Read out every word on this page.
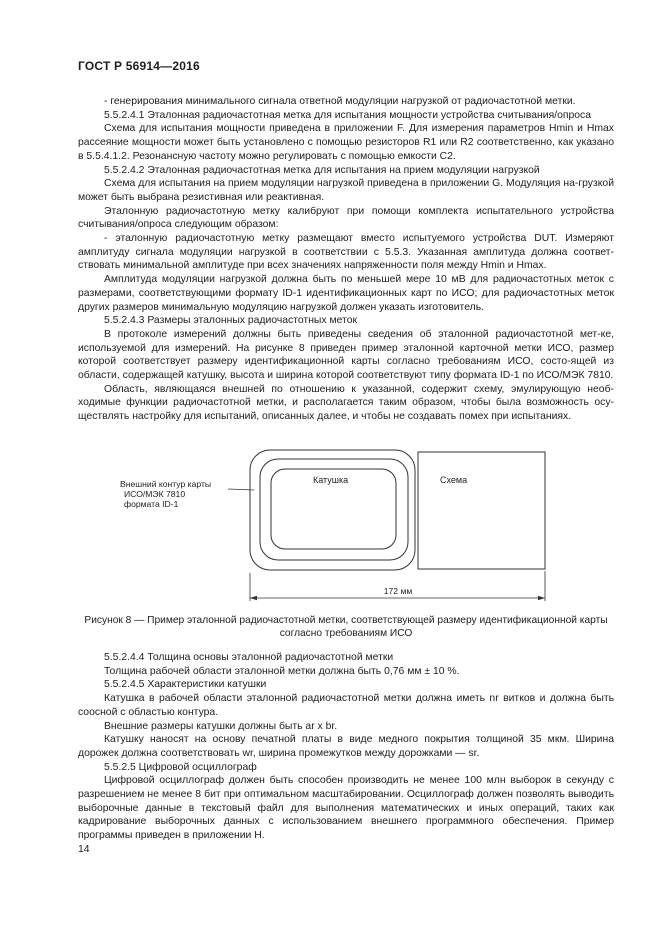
ГОСТ Р 56914—2016

- генерирования минимального сигнала ответной модуляции нагрузкой от радиочастотной метки.

5.5.2.4.1 Эталонная радиочастотная метка для испытания мощности устройства считывания/опроса

Схема для испытания мощности приведена в приложении F. Для измерения параметров Hmin и Hmax рассеяние мощности может быть установлено с помощью резисторов R1 или R2 соответственно, как указано в 5.5.4.1.2. Резонансную частоту можно регулировать с помощью емкости C2.

5.5.2.4.2 Эталонная радиочастотная метка для испытания на прием модуляции нагрузкой

Схема для испытания на прием модуляции нагрузкой приведена в приложении G. Модуляция на-грузкой может быть выбрана резистивная или реактивная.

Эталонную радиочастотную метку калибруют при помощи комплекта испытательного устройства считывания/опроса следующим образом:

- эталонную радиочастотную метку размещают вместо испытуемого устройства DUT. Измеряют амплитуду сигнала модуляции нагрузкой в соответствии с 5.5.3. Указанная амплитуда должна соответ-ствовать минимальной амплитуде при всех значениях напряженности поля между Hmin и Hmax.

Амплитуда модуляции нагрузкой должна быть по меньшей мере 10 мВ для радиочастотных меток с размерами, соответствующими формату ID-1 идентификационных карт по ИСО; для радиочастотных меток других размеров минимальную модуляцию нагрузкой должен указать изготовитель.

5.5.2.4.3 Размеры эталонных радиочастотных меток

В протоколе измерений должны быть приведены сведения об эталонной радиочастотной мет-ке, используемой для измерений. На рисунке 8 приведен пример эталонной карточной метки ИСО, размер которой соответствует размеру идентификационной карты согласно требованиям ИСО, состо-ящей из области, содержащей катушку, высота и ширина которой соответствуют типу формата ID-1 по ИСО/МЭК 7810.

Область, являющаяся внешней по отношению к указанной, содержит схему, эмулирующую необ-ходимые функции радиочастотной метки, и располагается таким образом, чтобы была возможность осу-ществлять настройку для испытаний, описанных далее, и чтобы не создавать помех при испытаниях.

Внешний контур карты
ИСО/МЭК 7810
формата ID-1
Катушка	Схема
172 мм
Рисунок 8 — Пример эталонной радиочастотной метки, соответствующей размеру идентификационной карты
согласно требованиям ИСО

5.5.2.4.4 Толщина основы эталонной радиочастотной метки

Толщина рабочей области эталонной метки должна быть 0,76 мм ± 10 %.

5.5.2.4.5 Характеристики катушки

Катушка в рабочей области эталонной радиочастотной метки должна иметь nr витков и должна быть соосной с областью контура.

Внешние размеры катушки должны быть ar x br.

Катушку наносят на основу печатной платы в виде медного покрытия толщиной 35 мкм. Ширина дорожек должна соответствовать wr, ширина промежутков между дорожками — sr.

5.5.2.5 Цифровой осциллограф

Цифровой осциллограф должен быть способен производить не менее 100 млн выборок в секунду с разрешением не менее 8 бит при оптимальном масштабировании. Осциллограф должен позволять выводить выборочные данные в текстовый файл для выполнения математических и иных операций, таких как кадрирование выборочных данных с использованием внешнего программного обеспечения. Пример программы приведен в приложении H.

14
